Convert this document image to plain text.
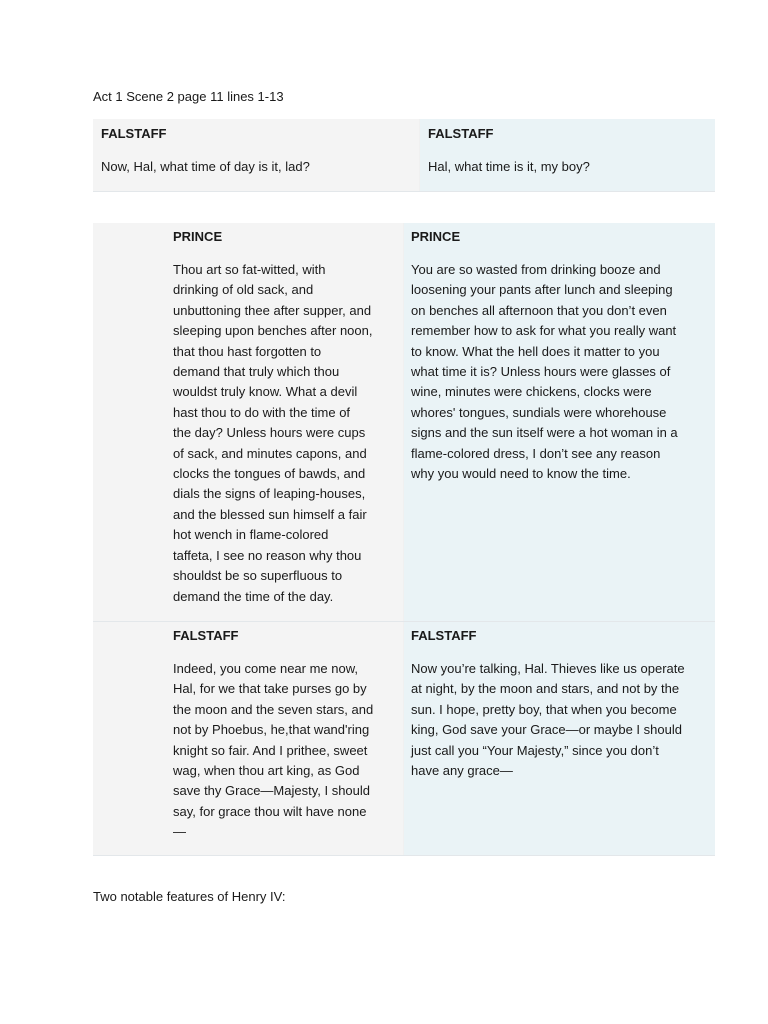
Act 1 Scene 2 page 11 lines 1-13
FALSTAFF
Now, Hal, what time of day is it, lad?
FALSTAFF
Hal, what time is it, my boy?
PRINCE
Thou art so fat-witted, with
drinking of old sack, and
unbuttoning thee after supper, and
sleeping upon benches after noon,
that thou hast forgotten to
demand that truly which thou
wouldst truly know. What a devil
hast thou to do with the time of
the day? Unless hours were cups
of sack, and minutes capons, and
clocks the tongues of bawds, and
dials the signs of leaping-houses,
and the blessed sun himself a fair
hot wench in flame-colored
taffeta, I see no reason why thou
shouldst be so superfluous to
demand the time of the day.
PRINCE
You are so wasted from drinking booze and
loosening your pants after lunch and sleeping
on benches all afternoon that you don’t even
remember how to ask for what you really want
to know. What the hell does it matter to you
what time it is? Unless hours were glasses of
wine, minutes were chickens, clocks were
whores' tongues, sundials were whorehouse
signs and the sun itself were a hot woman in a
flame-colored dress, I don’t see any reason
why you would need to know the time.
FALSTAFF
Indeed, you come near me now,
Hal, for we that take purses go by
the moon and the seven stars, and
not by Phoebus, he,that wand'ring
knight so fair. And I prithee, sweet
wag, when thou art king, as God
save thy Grace—Majesty, I should
say, for grace thou wilt have none
—
FALSTAFF
Now you’re talking, Hal. Thieves like us operate
at night, by the moon and stars, and not by the
sun. I hope, pretty boy, that when you become
king, God save your Grace—or maybe I should
just call you “Your Majesty,” since you don’t
have any grace—
Two notable features of Henry IV:
